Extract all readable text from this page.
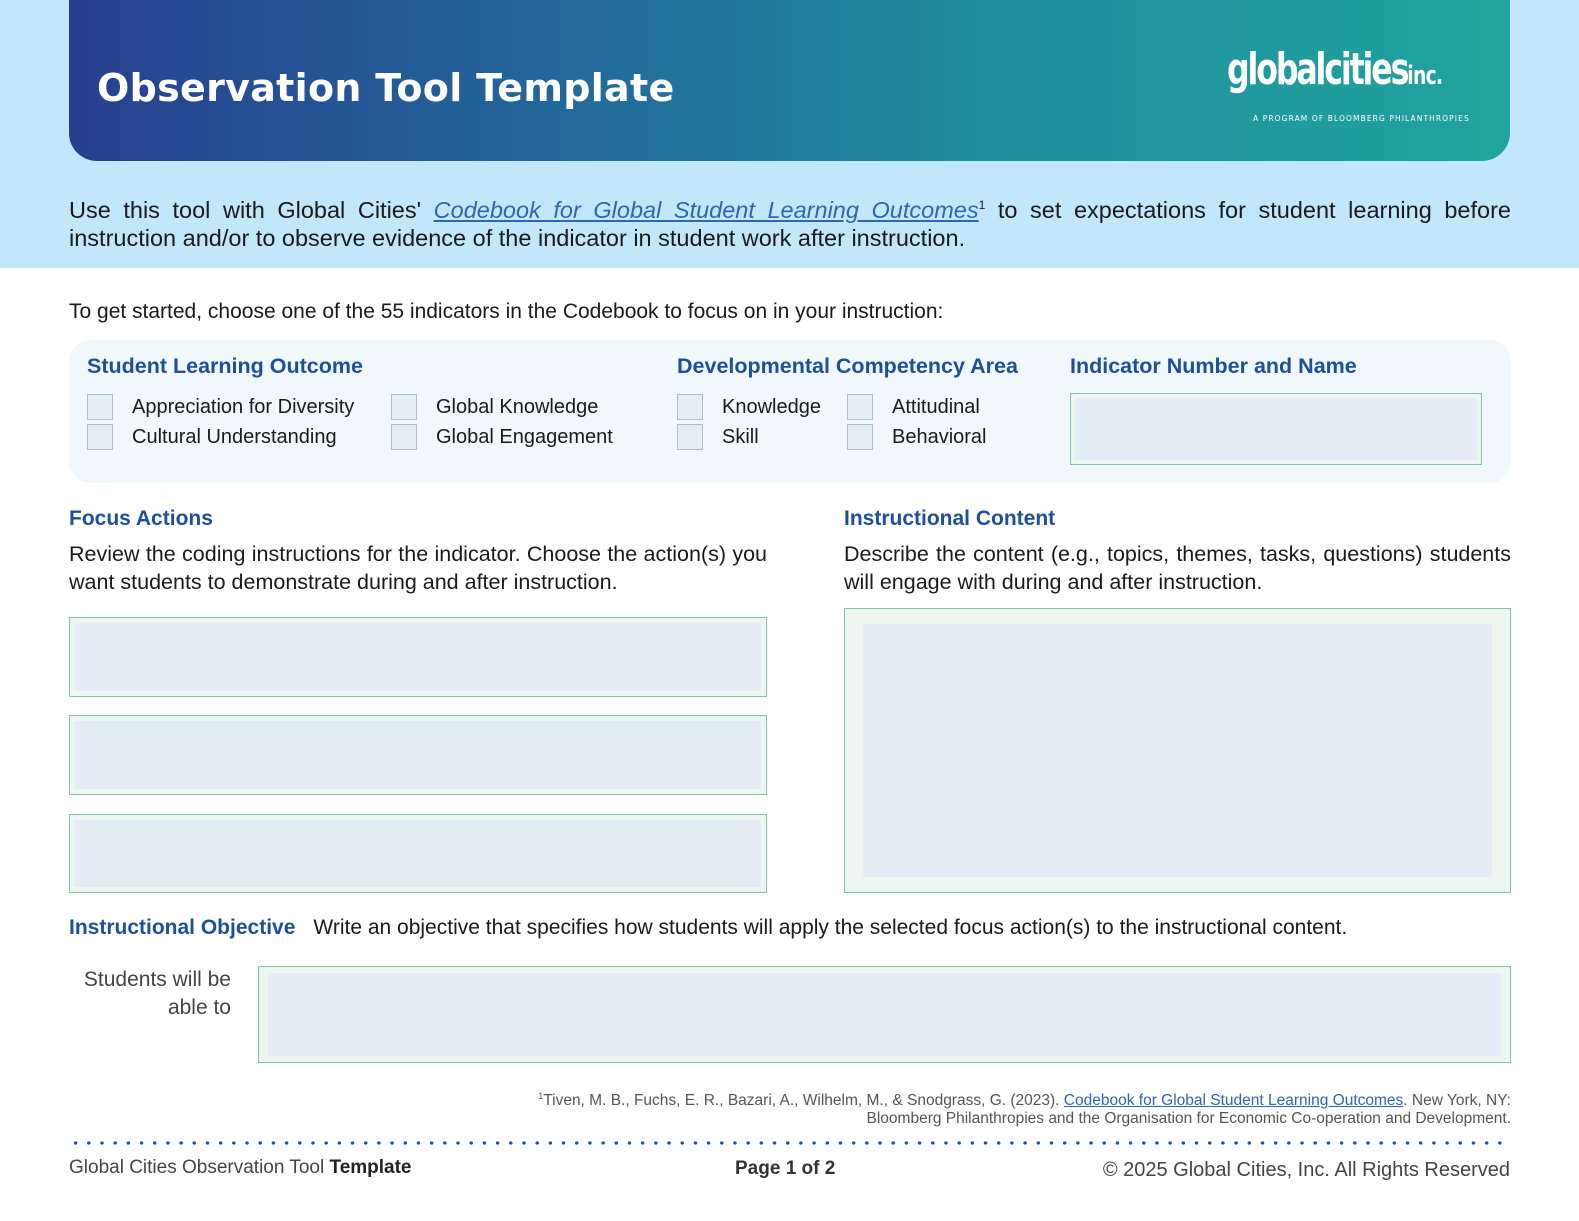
Observation Tool Template	globalcitiesinc.
A PROGRAM OF BLOOMBERG PHILANTHROPIES

Use this tool with Global Cities' Codebook for Global Student Learning Outcomes$^1$ to set expectations for student learning before instruction and/or to observe evidence of the indicator in student work after instruction.

To get started, choose one of the 55 indicators in the Codebook to focus on in your instruction:

Student Learning Outcome
Appreciation for Diversity
Cultural Understanding
Global Knowledge
Global Engagement
Developmental Competency Area
Knowledge
Skill
Attitudinal
Behavioral
Indicator Number and Name
Focus Actions

Review the coding instructions for the indicator. Choose the action(s) you want students to demonstrate during and after instruction.

Instructional Content

Describe the content (e.g., topics, themes, tasks, questions) students will engage with during and after instruction.

Instructional Objective Write an objective that specifies how students will apply the selected focus action(s) to the instructional content.
Students will be able to

$^1$Tiven, M. B., Fuchs, E. R., Bazari, A., Wilhelm, M., & Snodgrass, G. (2023). Codebook for Global Student Learning Outcomes. New York, NY: Bloomberg Philanthropies and the Organisation for Economic Co-operation and Development.

Global Cities Observation Tool Template	Page 1 of 2	© 2025 Global Cities, Inc. All Rights Reserved
